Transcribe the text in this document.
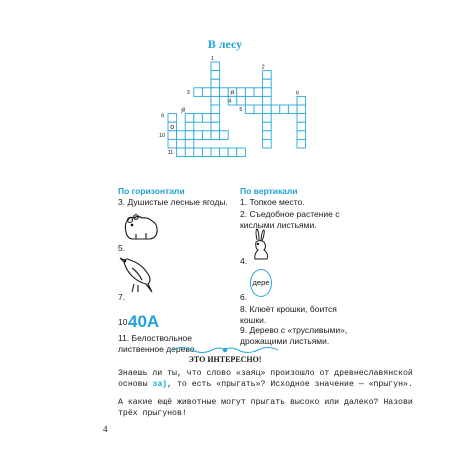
В лесу
1
2
3
4
5
6
7
8
9
10
11
я
о
По горизонтали
3. Душистые лесные ягоды.
5.
7.
10.
40А
11. Белоствольное лиственное дерево.
По вертикали
1. Топкое место.
2. Съедобное растение с кислыми листьями.
4.
дере
6.
8. Клюёт крошки, боится кошки.
9. Дерево с «трусливыми», дрожащими листьями.
ЭТО ИНТЕРЕСНО!
Знаешь ли ты, что слово «заяц» произошло от древнеславянской основы заj, то есть «прыгать»? Исходное значение — «прыгун».
А какие ещё животные могут прыгать высоко или далеко? Назови трёх прыгунов!
4
